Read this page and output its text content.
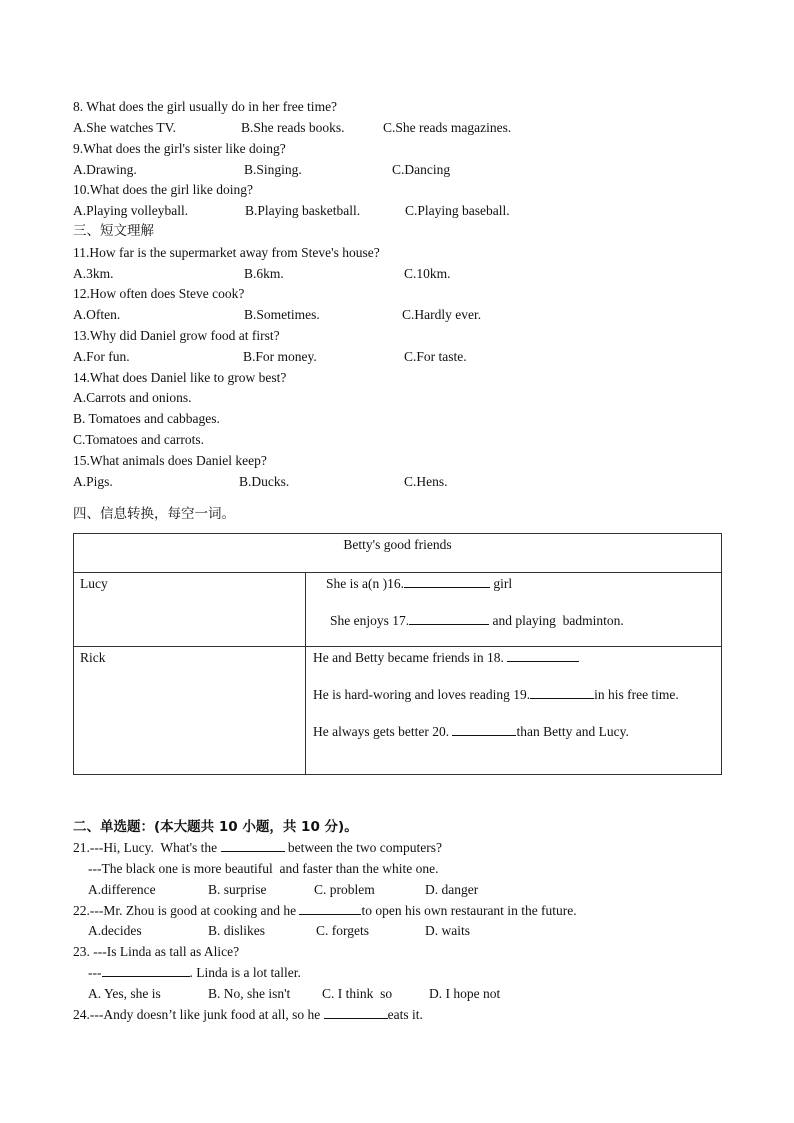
8. What does the girl usually do in her free time?
A.She watches TV.	B.She reads books.	C.She reads magazines.
9.What does the girl's sister like doing?
A.Drawing.	B.Singing.	C.Dancing
10.What does the girl like doing?
A.Playing volleyball.	B.Playing basketball.	C.Playing baseball.
三、短文理解
11.How far is the supermarket away from Steve's house?
A.3km.	B.6km.	C.10km.
12.How often does Steve cook?
A.Often.	B.Sometimes.	C.Hardly ever.
13.Why did Daniel grow food at first?
A.For fun.	B.For money.	C.For taste.
14.What does Daniel like to grow best?
A.Carrots and onions.
B. Tomatoes and cabbages.
C.Tomatoes and carrots.
15.What animals does Daniel keep?
A.Pigs.	B.Ducks.	C.Hens.
四、信息转换，每空一词。
Betty's good friends	
Lucy	She is a(n )16. girl
She enjoys 17. and playing  badminton.

Rick	He and Betty became friends in 18.
He is hard-woring and loves reading 19. in his free time.
He always gets better 20. than Betty and Lucy.
二、单选题：(本大题共 10 小题，共 10 分)。
21.---Hi, Lucy.  What's the	between the two computers?
---The black one is more beautiful  and faster than the white one.
A.difference	B. surprise	C. problem	D. danger
22.---Mr. Zhou is good at cooking and he	to open his own restaurant in the future.
A.decides	B. dislikes	C. forgets	D. waits
23. ---Is Linda as tall as Alice?
---	. Linda is a lot taller.
A. Yes, she is	B. No, she isn't C. I think  so	D. I hope not
24.---Andy doesn’t like junk food at all, so he	eats it.
